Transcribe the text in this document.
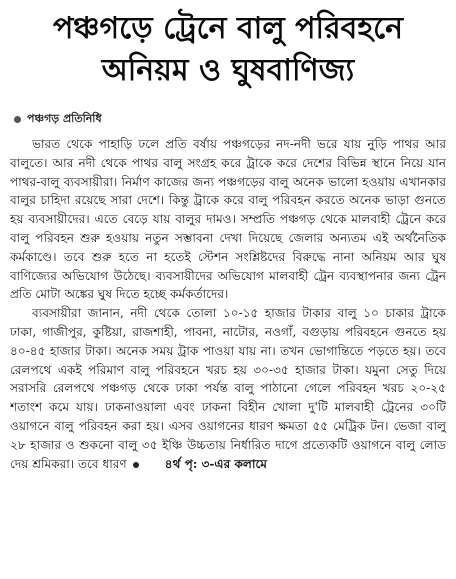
পঞ্চগড়ে ট্রেনে বালু পরিবহনে
অনিয়ম ও ঘুষবাণিজ্য
পঞ্চগড় প্রতিনিধি

ভারত থেকে পাহাড়ি ঢলে প্রতি বর্ষায় পঞ্চগড়ের নদ-নদী ভরে যায় নুড়ি পাথর আর বালুতে। আর নদী থেকে পাথর বালু সংগ্রহ করে ট্রাকে করে দেশের বিভিন্ন স্থানে নিয়ে যান পাথর-বালু ব্যবসায়ীরা। নির্মাণ কাজের জন্য পঞ্চগড়ের বালু অনেক ভালো হওয়ায় এখানকার বালুর চাহিদা রয়েছে সারা দেশে। কিন্তু ট্রাকে করে বালু পরিবহন করতে অনেক ভাড়া গুনতে হয় ব্যবসায়ীদের। এতে বেড়ে যায় বালুর দামও। সম্প্রতি পঞ্চগড় থেকে মালবাহী ট্রেনে করে বালু পরিবহন শুরু হওয়ায় নতুন সম্ভাবনা দেখা দিয়েছে জেলার অন্যতম এই অর্থনৈতিক কর্মকাণ্ডে। তবে শুরু হতে না হতেই স্টেশন সংশ্লিষ্টদের বিরুদ্ধে নানা অনিয়ম আর ঘুষ বাণিজ্যের অভিযোগ উঠেছে। ব্যবসায়ীদের অভিযোগ মালবাহী ট্রেন ব্যবস্থাপনার জন্য ট্রেন প্রতি মোটা অঙ্কের ঘুষ দিতে হচ্ছে কর্মকর্তাদের।

ব্যবসায়ীরা জানান, নদী থেকে তোলা ১০-১৫ হাজার টাকার বালু ১০ চাকার ট্রাকে ঢাকা, গাজীপুর, কুষ্টিয়া, রাজশাহী, পাবনা, নাটোর, নওগাঁ, বগুড়ায় পরিবহনে গুনতে হয় ৪০-৪৫ হাজার টাকা। অনেক সময় ট্রাক পাওয়া যায় না। তখন ভোগান্তিতে পড়তে হয়। তবে রেলপথে একই পরিমাণ বালু পরিবহনে খরচ হয় ৩০-৩৫ হাজার টাকা। যমুনা সেতু দিয়ে সরাসরি রেলপথে পঞ্চগড় থেকে ঢাকা পর্যন্ত বালু পাঠানো গেলে পরিবহন খরচ ২০-২৫ শতাংশ কমে যায়। ঢাকনাওয়ালা এবং ঢাকনা বিহীন খোলা দু'টি মালবাহী ট্রেনের ৩০টি ওয়াগনে বালু পরিবহন করা হয়। এসব ওয়াগনের ধারণ ক্ষমতা ৫৫ মেট্রিক টন। ভেজা বালু ২৮ হাজার ও শুকনো বালু ৩৫ ইঞ্চি উচ্চতায় নির্ধারিত দাগে প্রত্যেকটি ওয়াগনে বালু লোড দেয় শ্রমিকরা। তবে ধারণ	৪র্থ পৃ: ৩-এর কলামে
